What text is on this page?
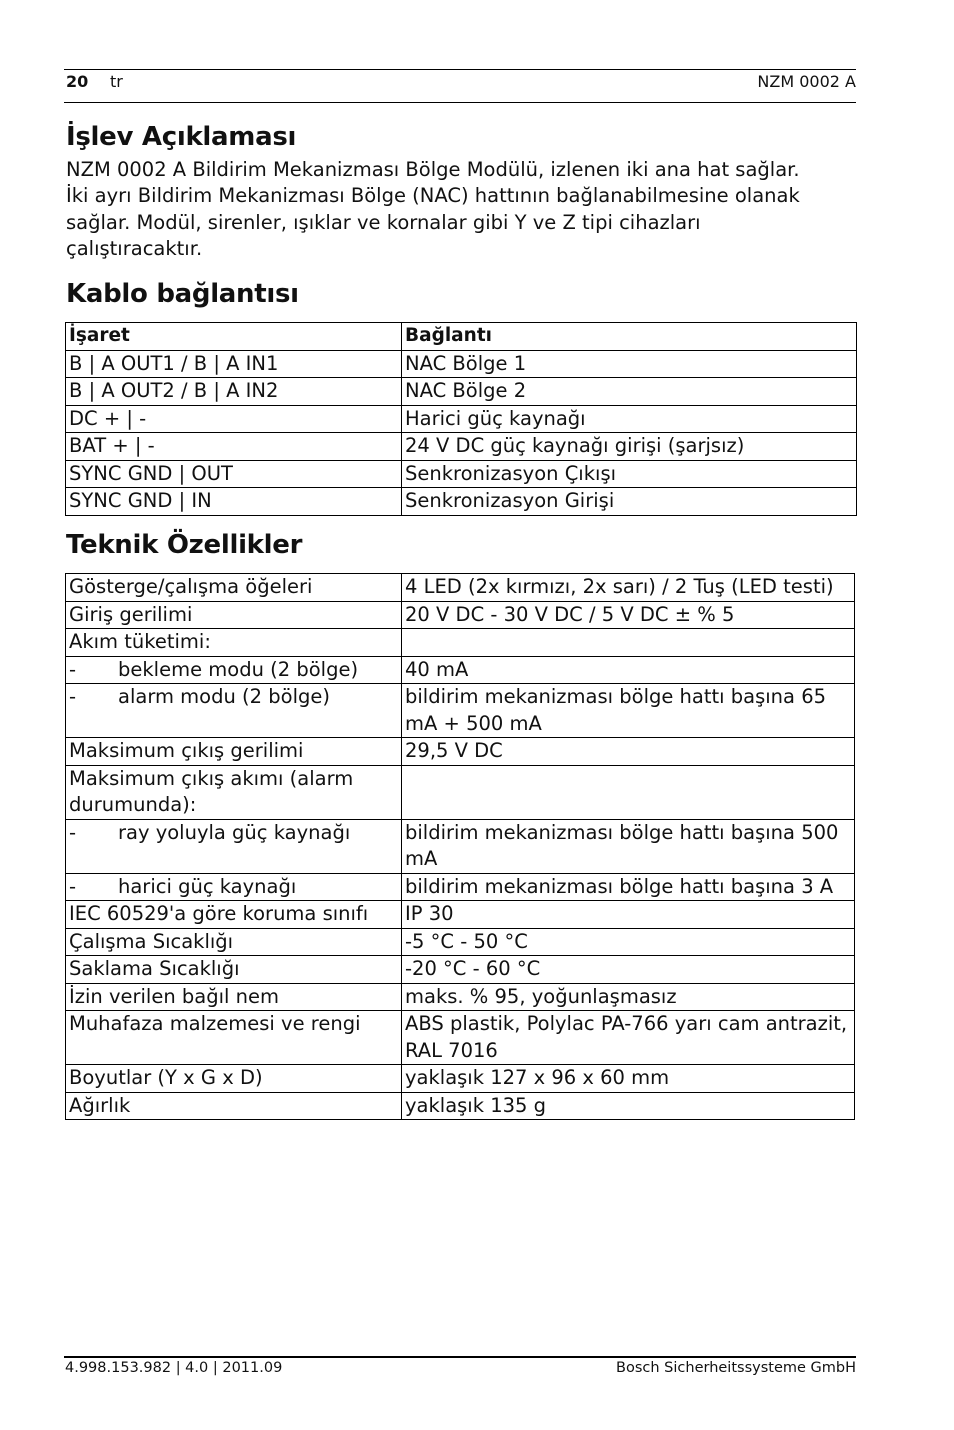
20 tr	NZM 0002 A
İşlev Açıklaması
NZM 0002 A Bildirim Mekanizması Bölge Modülü, izlenen iki ana hat sağlar.
İki ayrı Bildirim Mekanizması Bölge (NAC) hattının bağlanabilmesine olanak
sağlar. Modül, sirenler, ışıklar ve kornalar gibi Y ve Z tipi cihazları
çalıştıracaktır.
Kablo bağlantısı
İşaret	Bağlantı
B | A OUT1 / B | A IN1	NAC Bölge 1
B | A OUT2 / B | A IN2	NAC Bölge 2
DC + | -	Harici güç kaynağı
BAT + | -	24 V DC güç kaynağı girişi (şarjsız)
SYNC GND | OUT	Senkronizasyon Çıkışı
SYNC GND | IN	Senkronizasyon Girişi
Teknik Özellikler
Gösterge/çalışma öğeleri	4 LED (2x kırmızı, 2x sarı) / 2 Tuş (LED testi)
Giriş gerilimi	20 V DC - 30 V DC / 5 V DC ± % 5
Akım tüketimi:	
- bekleme modu (2 bölge)	40 mA
- alarm modu (2 bölge)	bildirim mekanizması bölge hattı başına 65 mA + 500 mA
Maksimum çıkış gerilimi	29,5 V DC
Maksimum çıkış akımı (alarm durumunda):	
- ray yoluyla güç kaynağı	bildirim mekanizması bölge hattı başına 500 mA
- harici güç kaynağı	bildirim mekanizması bölge hattı başına 3 A
IEC 60529'a göre koruma sınıfı	IP 30
Çalışma Sıcaklığı	-5 °C - 50 °C
Saklama Sıcaklığı	-20 °C - 60 °C
İzin verilen bağıl nem	maks. % 95, yoğunlaşmasız
Muhafaza malzemesi ve rengi	ABS plastik, Polylac PA-766 yarı cam antrazit, RAL 7016
Boyutlar (Y x G x D)	yaklaşık 127 x 96 x 60 mm
Ağırlık	yaklaşık 135 g
4.998.153.982 | 4.0 | 2011.09	Bosch Sicherheitssysteme GmbH
